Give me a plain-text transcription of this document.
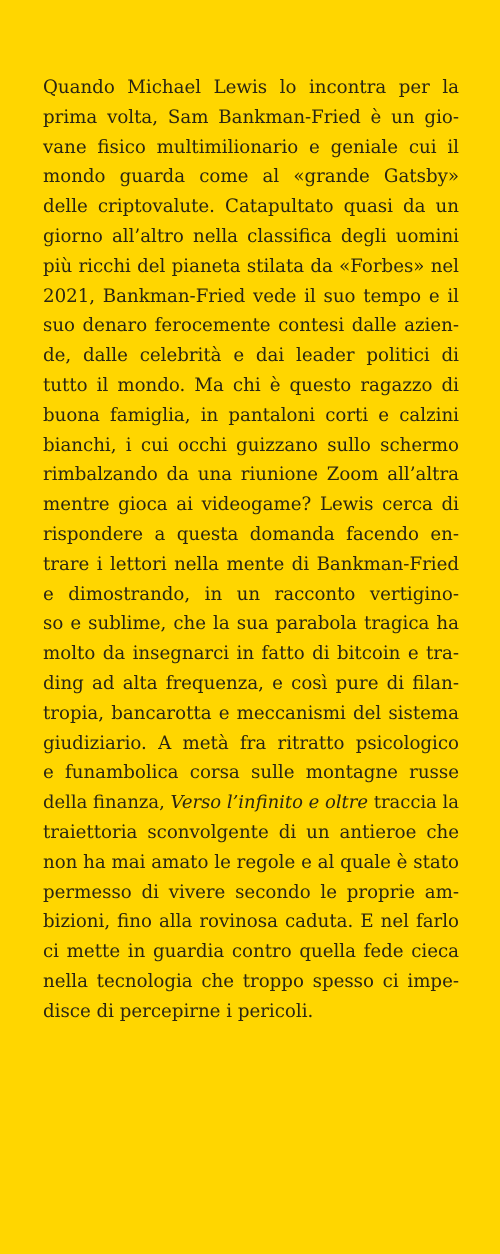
Quando Michael Lewis lo incontra per la
prima volta, Sam Bankman-Fried è un gio-
vane fisico multimilionario e geniale cui il
mondo guarda come al «grande Gatsby»
delle criptovalute. Catapultato quasi da un
giorno all’altro nella classifica degli uomini
più ricchi del pianeta stilata da «Forbes» nel
2021, Bankman-Fried vede il suo tempo e il
suo denaro ferocemente contesi dalle azien-
de, dalle celebrità e dai leader politici di
tutto il mondo. Ma chi è questo ragazzo di
buona famiglia, in pantaloni corti e calzini
bianchi, i cui occhi guizzano sullo schermo
rimbalzando da una riunione Zoom all’altra
mentre gioca ai videogame? Lewis cerca di
rispondere a questa domanda facendo en-
trare i lettori nella mente di Bankman-Fried
e dimostrando, in un racconto vertigino-
so e sublime, che la sua parabola tragica ha
molto da insegnarci in fatto di bitcoin e tra-
ding ad alta frequenza, e così pure di filan-
tropia, bancarotta e meccanismi del sistema
giudiziario. A metà fra ritratto psicologico
e funambolica corsa sulle montagne russe
della finanza, Verso l’infinito e oltre traccia la
traiettoria sconvolgente di un antieroe che
non ha mai amato le regole e al quale è stato
permesso di vivere secondo le proprie am-
bizioni, fino alla rovinosa caduta. E nel farlo
ci mette in guardia contro quella fede cieca
nella tecnologia che troppo spesso ci impe-
disce di percepirne i pericoli.
